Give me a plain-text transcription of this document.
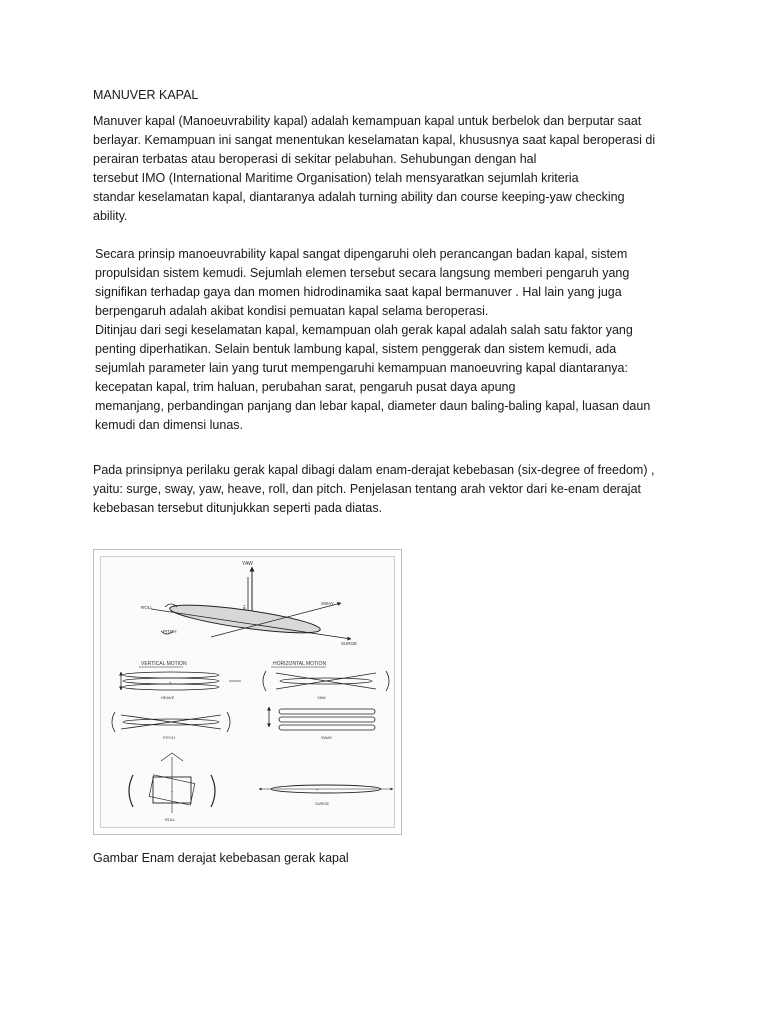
MANUVER KAPAL

Manuver kapal (Manoeuvrability kapal) adalah kemampuan kapal untuk berbelok dan berputar saat
berlayar. Kemampuan ini sangat menentukan keselamatan kapal, khususnya saat kapal beroperasi di
perairan terbatas atau beroperasi di sekitar pelabuhan. Sehubungan dengan hal
tersebut IMO (International Maritime Organisation) telah mensyaratkan sejumlah kriteria
standar keselamatan kapal, diantaranya adalah turning ability dan course keeping-yaw checking
ability.

Secara prinsip manoeuvrability kapal sangat dipengaruhi oleh perancangan badan kapal, sistem
propulsidan sistem kemudi. Sejumlah elemen tersebut secara langsung memberi pengaruh yang
signifikan terhadap gaya dan momen hidrodinamika saat kapal bermanuver . Hal lain yang juga
berpengaruh adalah akibat kondisi pemuatan kapal selama beroperasi.
Ditinjau dari segi keselamatan kapal, kemampuan olah gerak kapal adalah salah satu faktor yang
penting diperhatikan. Selain bentuk lambung kapal, sistem penggerak dan sistem kemudi, ada
sejumlah parameter lain yang turut mempengaruhi kemampuan manoeuvring kapal diantaranya:
kecepatan kapal, trim haluan, perubahan sarat, pengaruh pusat daya apung
memanjang, perbandingan panjang dan lebar kapal, diameter daun baling-baling kapal, luasan daun
kemudi dan dimensi lunas.

Pada prinsipnya perilaku gerak kapal dibagi dalam enam-derajat kebebasan (six-degree of freedom) ,
yaitu: surge, sway, yaw, heave, roll, dan pitch. Penjelasan tentang arah vektor dari ke-enam derajat
kebebasan tersebut ditunjukkan seperti pada diatas.

YAW
ROLL
PITCH
SWAY
SURGE
VERTICAL MOTION	HORIZONTAL MOTION
+
HEAVE	YAW
PITCH	SWAY
+
ROLL
+
SURGE
Gambar Enam derajat kebebasan gerak kapal
